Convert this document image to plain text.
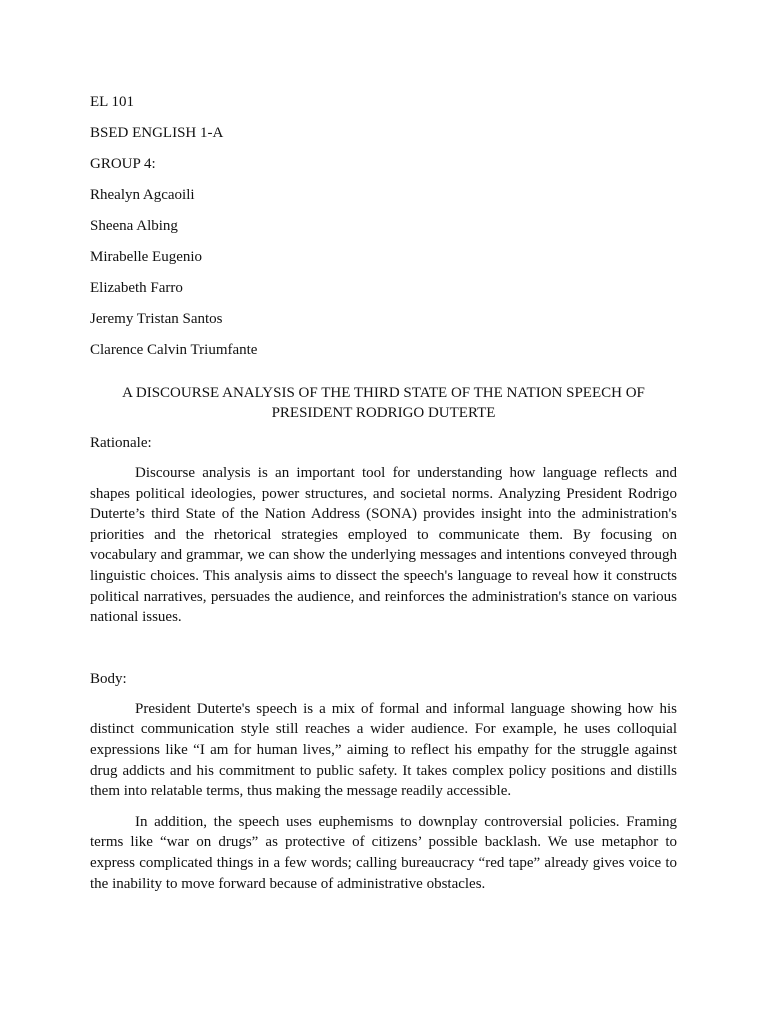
EL 101

BSED ENGLISH 1-A

GROUP 4:

Rhealyn Agcaoili

Sheena Albing

Mirabelle Eugenio

Elizabeth Farro

Jeremy Tristan Santos

Clarence Calvin Triumfante

A DISCOURSE ANALYSIS OF THE THIRD STATE OF THE NATION SPEECH OF PRESIDENT RODRIGO DUTERTE
Rationale:

Discourse analysis is an important tool for understanding how language reflects and shapes political ideologies, power structures, and societal norms. Analyzing President Rodrigo Duterte’s third State of the Nation Address (SONA) provides insight into the administration's priorities and the rhetorical strategies employed to communicate them. By focusing on vocabulary and grammar, we can show the underlying messages and intentions conveyed through linguistic choices. This analysis aims to dissect the speech's language to reveal how it constructs political narratives, persuades the audience, and reinforces the administration's stance on various national issues.

Body:

President Duterte's speech is a mix of formal and informal language showing how his distinct communication style still reaches a wider audience. For example, he uses colloquial expressions like “I am for human lives,” aiming to reflect his empathy for the struggle against drug addicts and his commitment to public safety. It takes complex policy positions and distills them into relatable terms, thus making the message readily accessible.

In addition, the speech uses euphemisms to downplay controversial policies. Framing terms like “war on drugs” as protective of citizens’ possible backlash. We use metaphor to express complicated things in a few words; calling bureaucracy “red tape” already gives voice to the inability to move forward because of administrative obstacles.
